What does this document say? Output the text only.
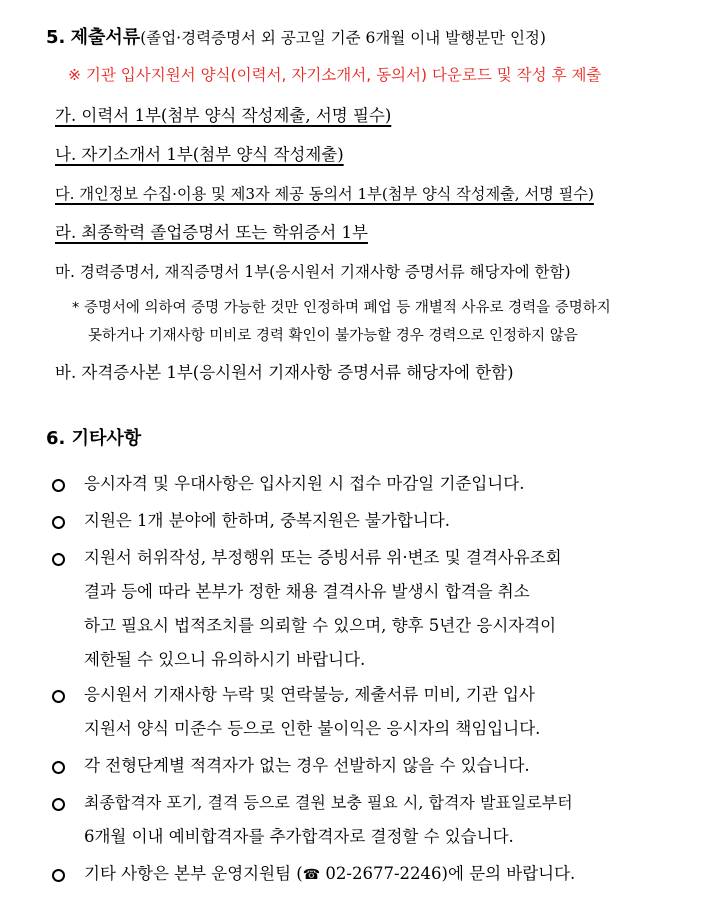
5. 제출서류(졸업·경력증명서 외 공고일 기준 6개월 이내 발행분만 인정)
※ 기관 입사지원서 양식(이력서, 자기소개서, 동의서) 다운로드 및 작성 후 제출
가. 이력서 1부(첨부 양식 작성제출, 서명 필수)
나. 자기소개서 1부(첨부 양식 작성제출)
다. 개인정보 수집·이용 및 제3자 제공 동의서 1부(첨부 양식 작성제출, 서명 필수)
라. 최종학력 졸업증명서 또는 학위증서 1부
마. 경력증명서, 재직증명서 1부(응시원서 기재사항 증명서류 해당자에 한함)
* 증명서에 의하여 증명 가능한 것만 인정하며 폐업 등 개별적 사유로 경력을 증명하지
못하거나 기재사항 미비로 경력 확인이 불가능할 경우 경력으로 인정하지 않음
바. 자격증사본 1부(응시원서 기재사항 증명서류 해당자에 한함)
6. 기타사항
응시자격 및 우대사항은 입사지원 시 접수 마감일 기준입니다.
지원은 1개 분야에 한하며, 중복지원은 불가합니다.
지원서 허위작성, 부정행위 또는 증빙서류 위·변조 및 결격사유조회
결과 등에 따라 본부가 정한 채용 결격사유 발생시 합격을 취소
하고 필요시 법적조치를 의뢰할 수 있으며, 향후 5년간 응시자격이
제한될 수 있으니 유의하시기 바랍니다.
응시원서 기재사항 누락 및 연락불능, 제출서류 미비, 기관 입사
지원서 양식 미준수 등으로 인한 불이익은 응시자의 책임입니다.
각 전형단계별 적격자가 없는 경우 선발하지 않을 수 있습니다.
최종합격자 포기, 결격 등으로 결원 보충 필요 시, 합격자 발표일로부터
6개월 이내 예비합격자를 추가합격자로 결정할 수 있습니다.
기타 사항은 본부 운영지원팀 (☎ 02-2677-2246)에 문의 바랍니다.
